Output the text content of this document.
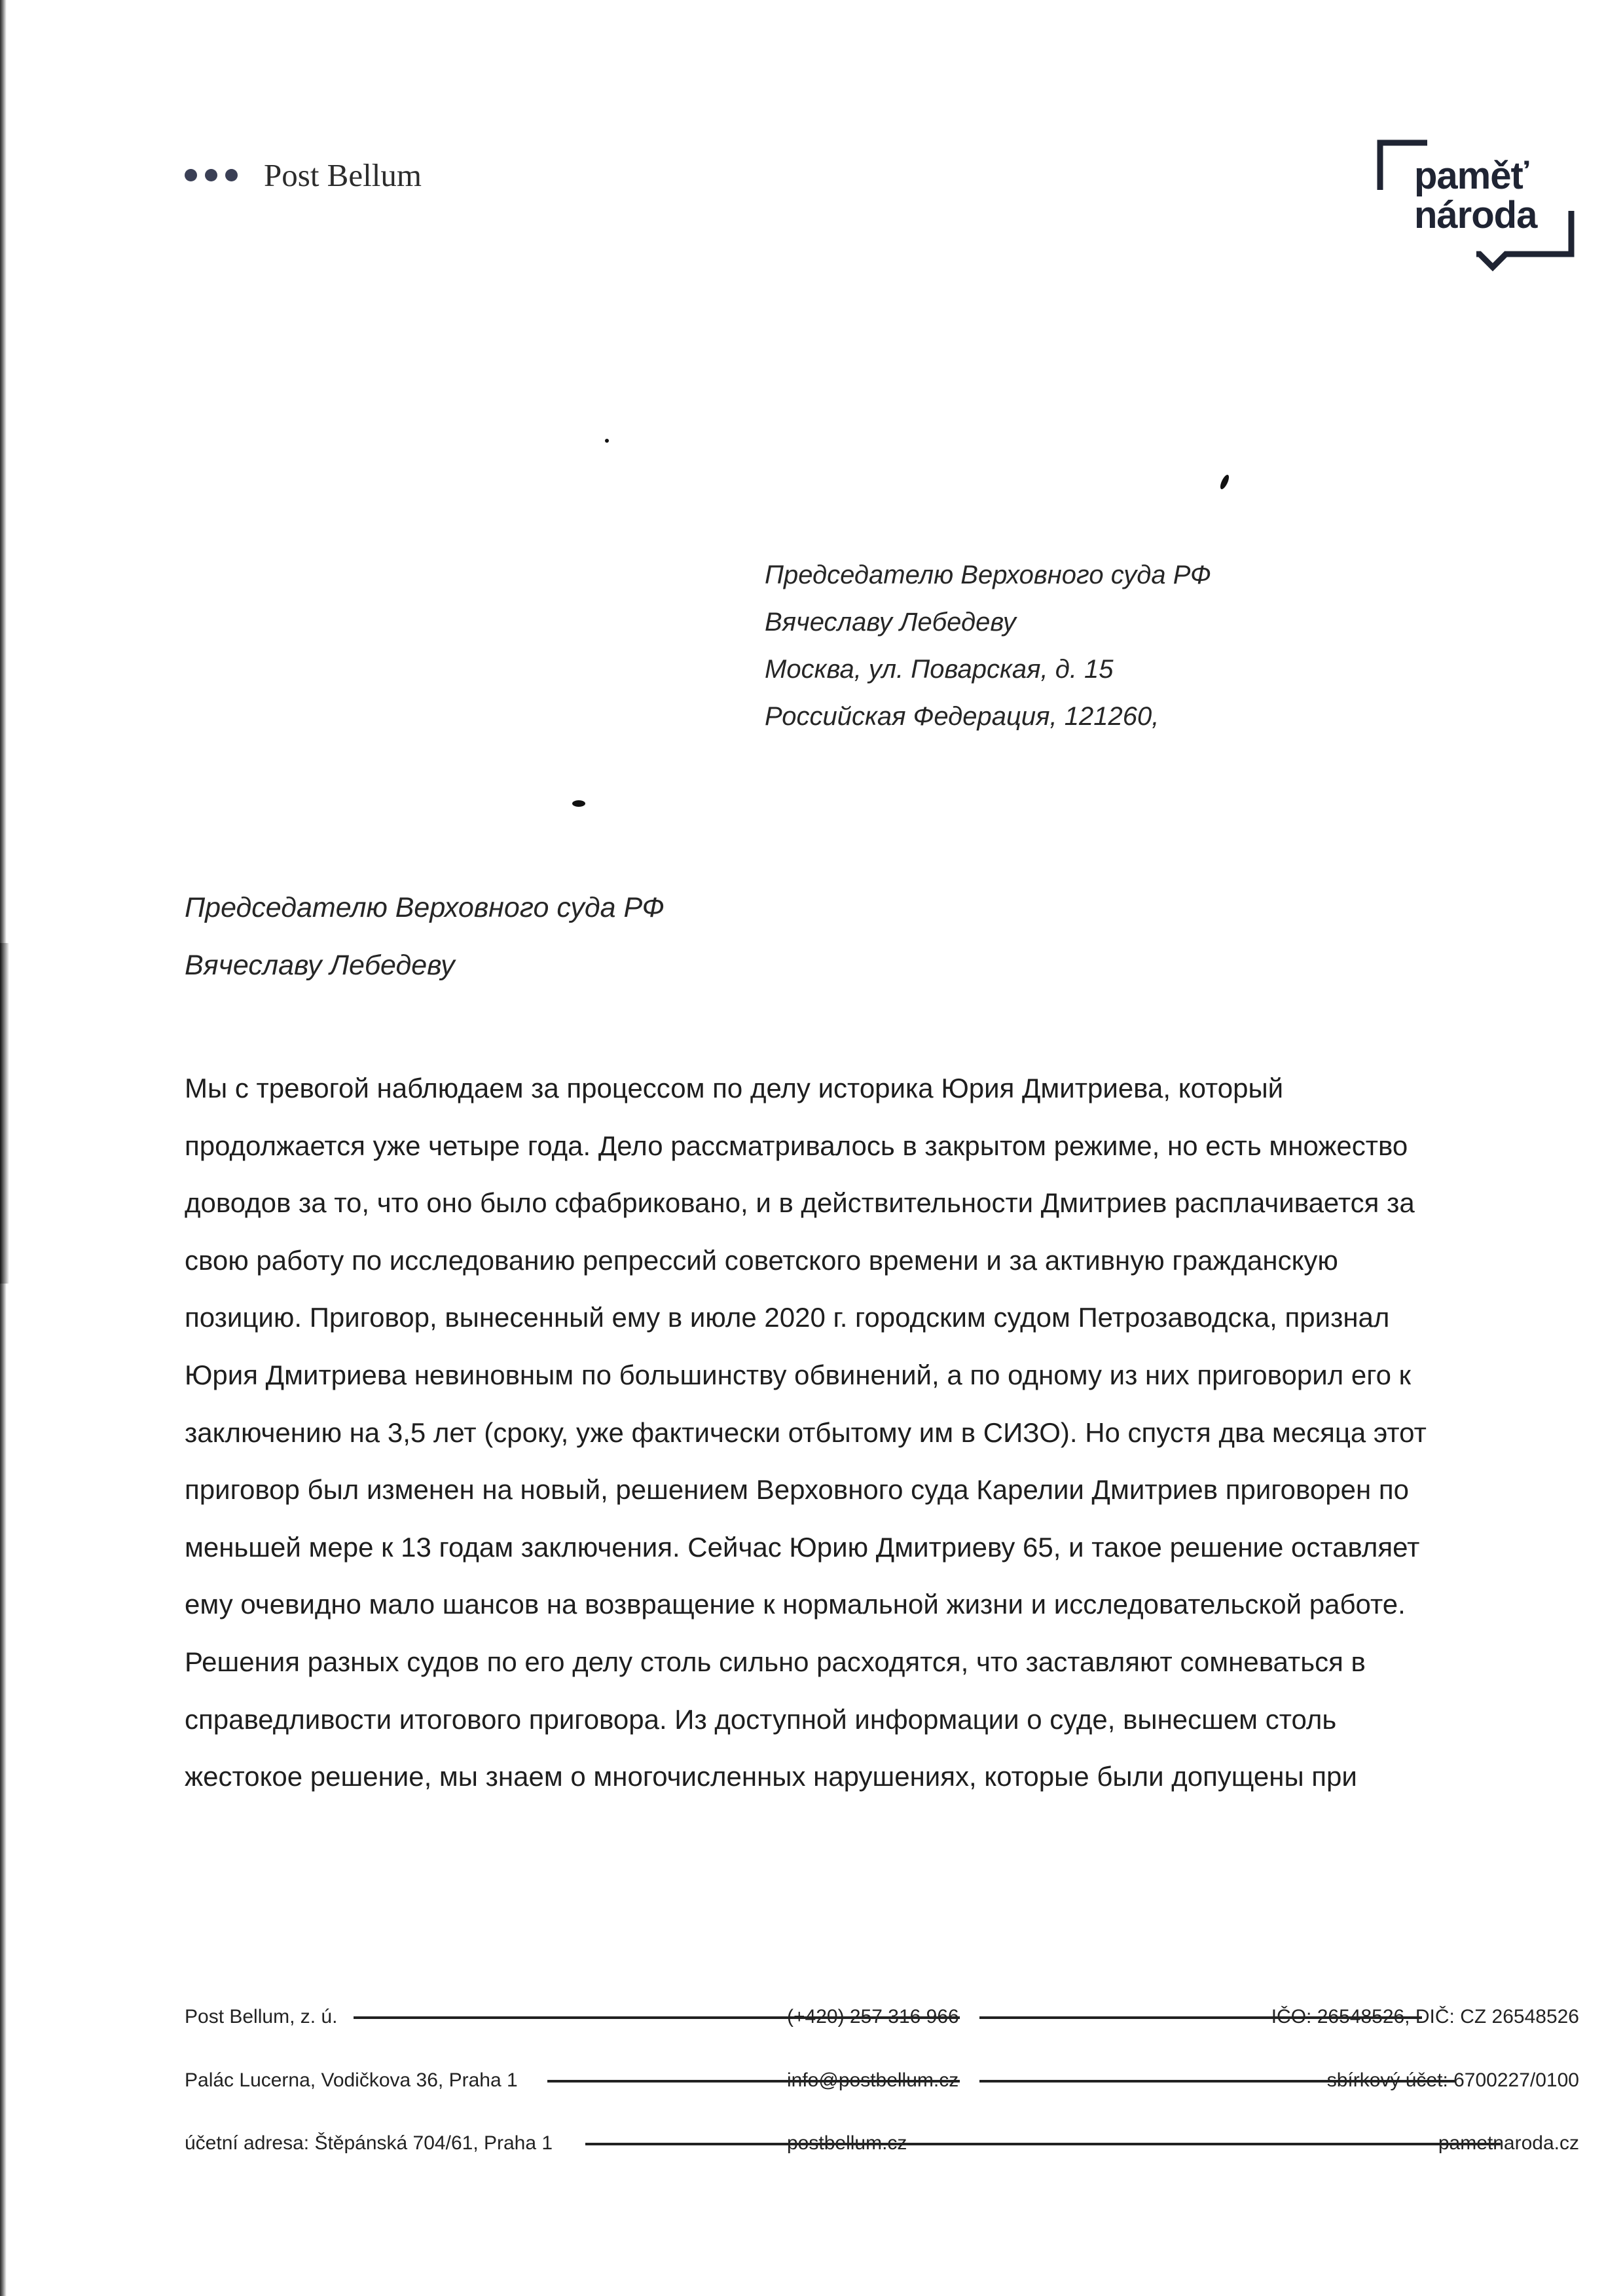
Post Bellum	paměť
národa
Председателю Верховного суда РФ
Вячеславу Лебедеву
Москва, ул. Поварская, д. 15
Российская Федерация, 121260,
Председателю Верховного суда РФ
Вячеславу Лебедеву
Мы с тревогой наблюдаем за процессом по делу историка Юрия Дмитриева, который
продолжается уже четыре года. Дело рассматривалось в закрытом режиме, но есть множество
доводов за то, что оно было сфабриковано, и в действительности Дмитриев расплачивается за
свою работу по исследованию репрессий советского времени и за активную гражданскую
позицию. Приговор, вынесенный ему в июле 2020 г. городским судом Петрозаводска, признал
Юрия Дмитриева невиновным по большинству обвинений, а по одному из них приговорил его к
заключению на 3,5 лет (сроку, уже фактически отбытому им в СИЗО). Но спустя два месяца этот
приговор был изменен на новый, решением Верховного суда Карелии Дмитриев приговорен по
меньшей мере к 13 годам заключения. Сейчас Юрию Дмитриеву 65, и такое решение оставляет
ему очевидно мало шансов на возвращение к нормальной жизни и исследовательской работе.
Решения разных судов по его делу столь сильно расходятся, что заставляют сомневаться в
справедливости итогового приговора. Из доступной информации о суде, вынесшем столь
жестокое решение, мы знаем о многочисленных нарушениях, которые были допущены при
Post Bellum, z. ú.	(+420) 257 316 966	IČO: 26548526, DIČ: CZ 26548526
Palác Lucerna, Vodičkova 36, Praha 1	info@postbellum.cz	sbírkový účet: 6700227/0100
účetní adresa: Štěpánská 704/61, Praha 1	postbellum.cz	pametnaroda.cz
